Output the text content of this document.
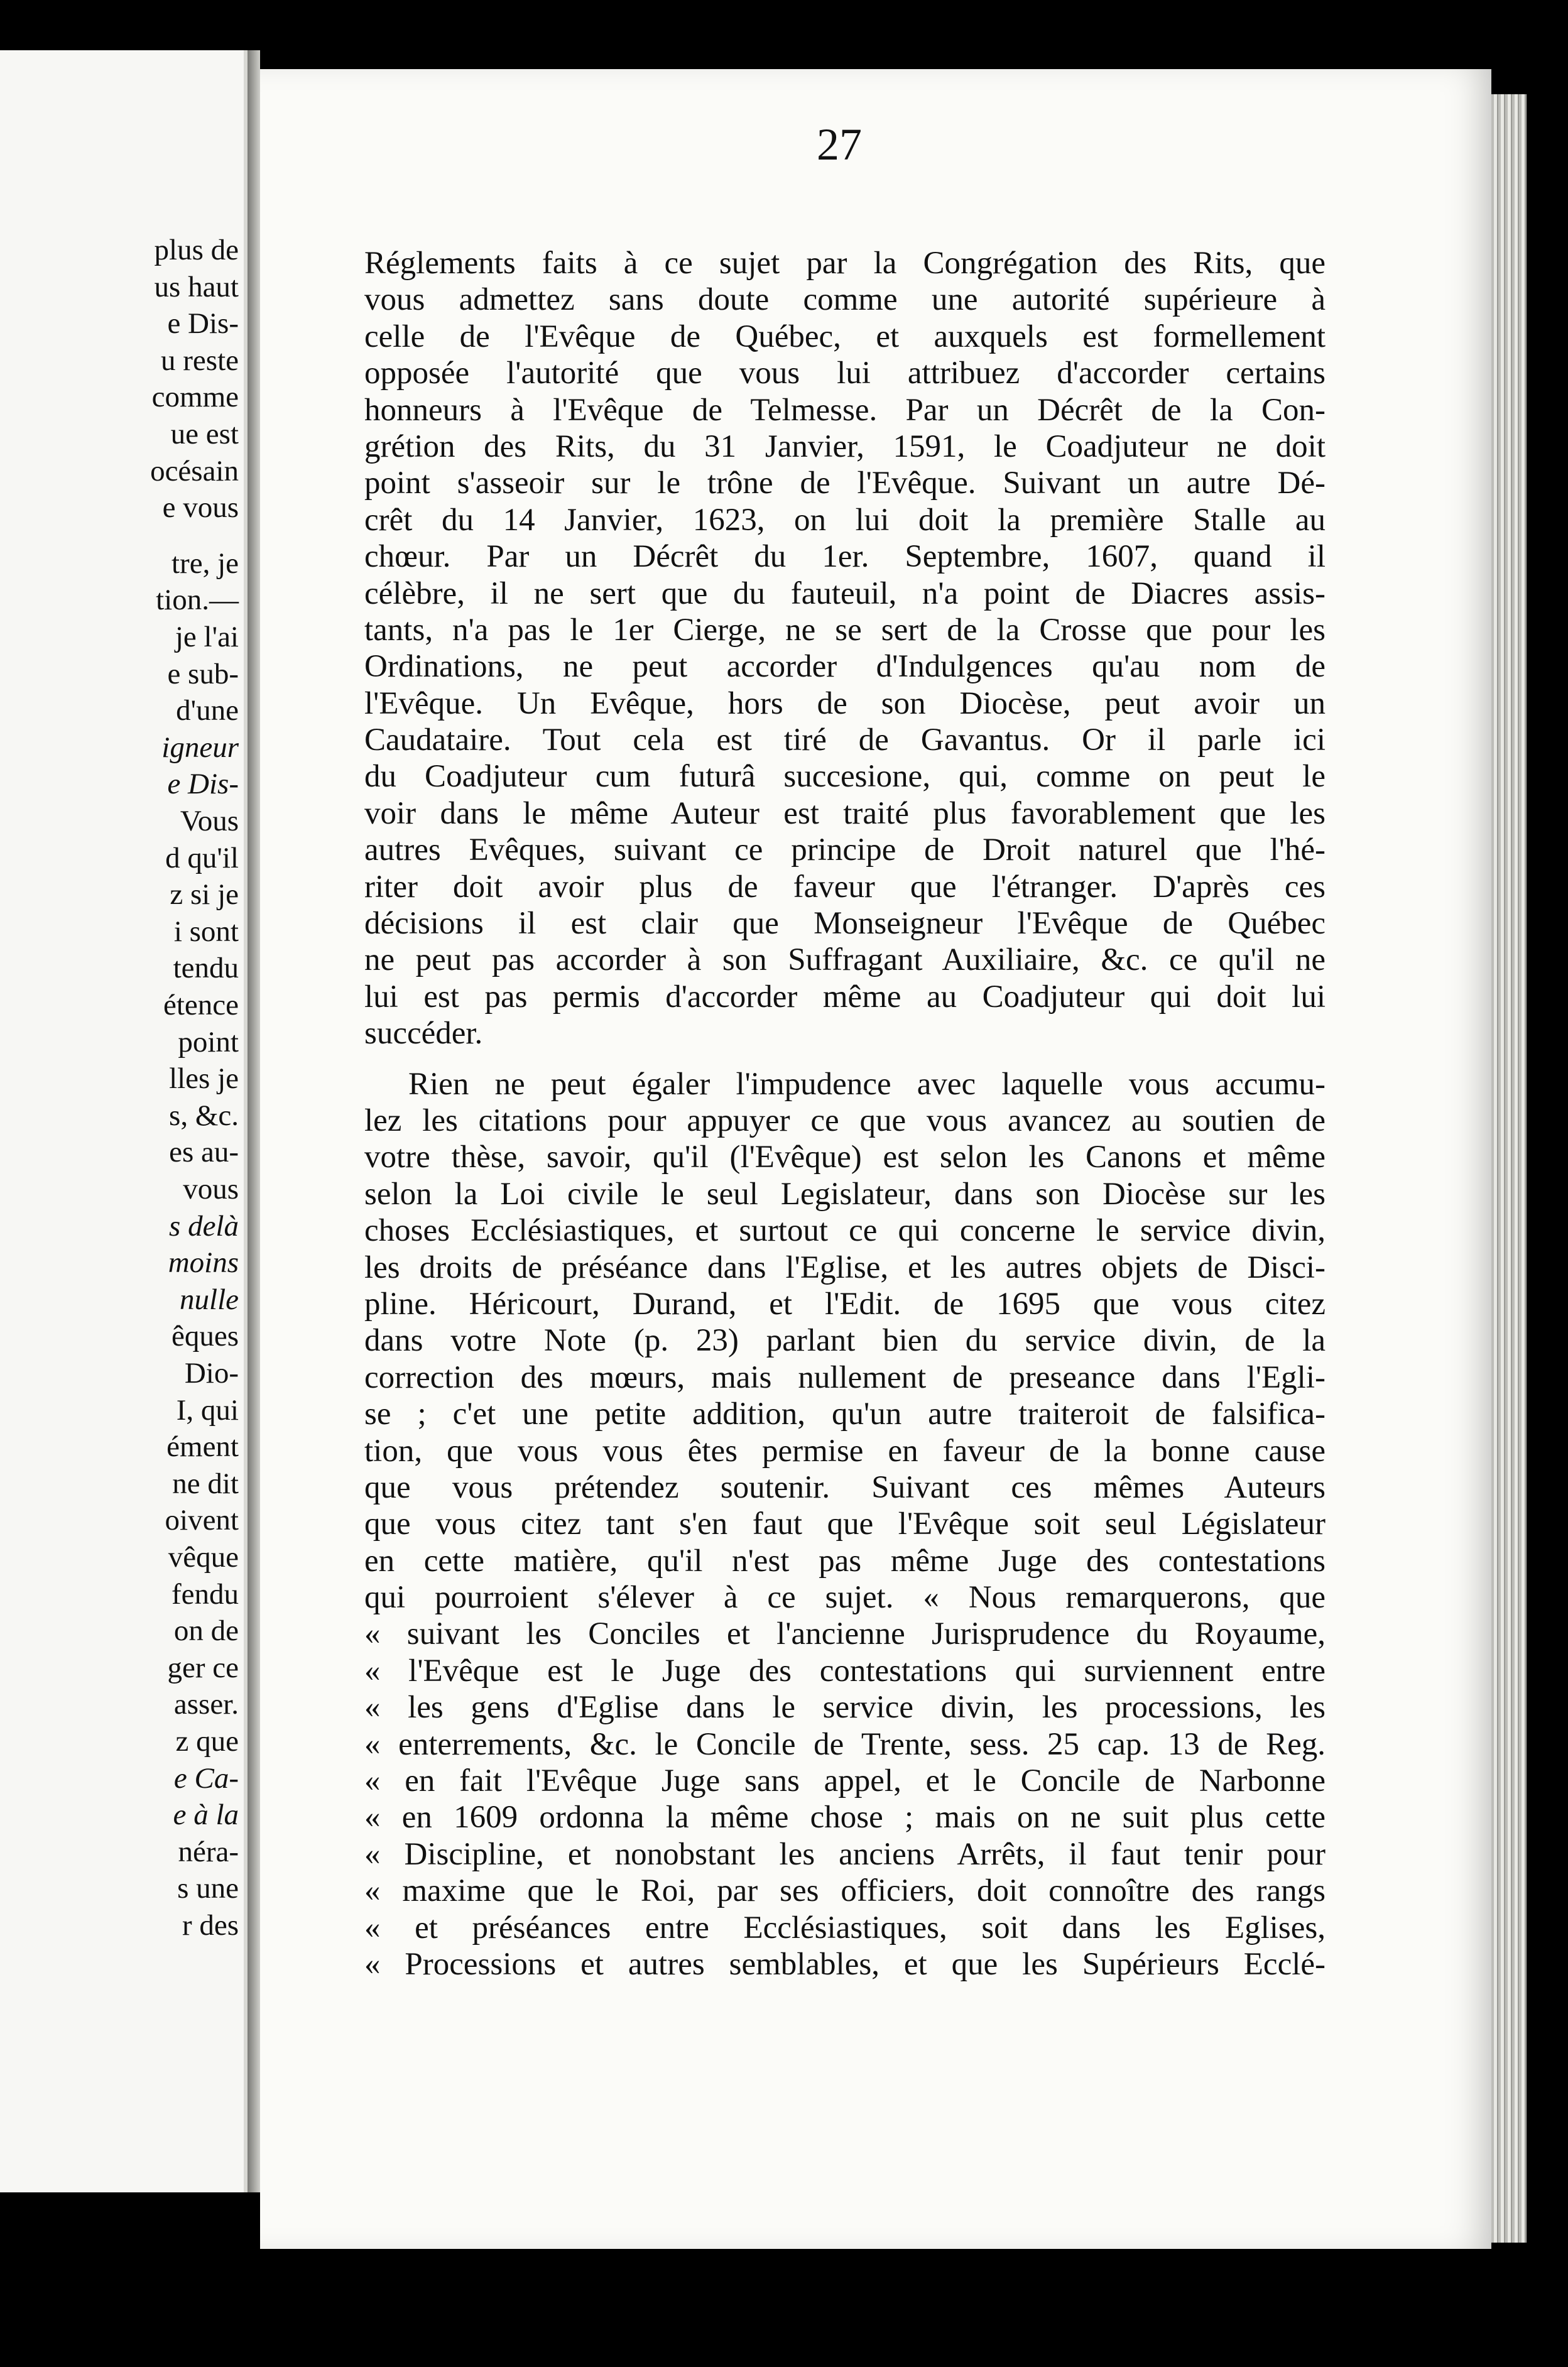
plus de
us haut
e Dis-
u reste
comme
ue est
océsain
e vous
tre, je
tion.—
je l'ai
e sub-
d'une
igneur
e Dis-
Vous
d qu'il
z si je
i sont
tendu
étence
point
lles je
s, &c.
es au-
vous
s delà
moins
nulle
êques
Dio-
I, qui
ément
ne dit
oivent
vêque
fendu
on de
ger ce
asser.
z que
e Ca-
e à la
néra-
s une
r des
27
Réglements faits à ce sujet par la Congrégation des Rits, que
vous admettez sans doute comme une autorité supérieure à
celle de l'Evêque de Québec, et auxquels est formellement
opposée l'autorité que vous lui attribuez d'accorder certains
honneurs à l'Evêque de Telmesse. Par un Décrêt de la Con-
grétion des Rits, du 31 Janvier, 1591, le Coadjuteur ne doit
point s'asseoir sur le trône de l'Evêque. Suivant un autre Dé-
crêt du 14 Janvier, 1623, on lui doit la première Stalle au
chœur. Par un Décrêt du 1er. Septembre, 1607, quand il
célèbre, il ne sert que du fauteuil, n'a point de Diacres assis-
tants, n'a pas le 1er Cierge, ne se sert de la Crosse que pour les
Ordinations, ne peut accorder d'Indulgences qu'au nom de
l'Evêque. Un Evêque, hors de son Diocèse, peut avoir un
Caudataire. Tout cela est tiré de Gavantus. Or il parle ici
du Coadjuteur cum futurâ succesione, qui, comme on peut le
voir dans le même Auteur est traité plus favorablement que les
autres Evêques, suivant ce principe de Droit naturel que l'hé-
riter doit avoir plus de faveur que l'étranger. D'après ces
décisions il est clair que Monseigneur l'Evêque de Québec
ne peut pas accorder à son Suffragant Auxiliaire, &c. ce qu'il ne
lui est pas permis d'accorder même au Coadjuteur qui doit lui
succéder.
Rien ne peut égaler l'impudence avec laquelle vous accumu-
lez les citations pour appuyer ce que vous avancez au soutien de
votre thèse, savoir, qu'il (l'Evêque) est selon les Canons et même
selon la Loi civile le seul Legislateur, dans son Diocèse sur les
choses Ecclésiastiques, et surtout ce qui concerne le service divin,
les droits de préséance dans l'Eglise, et les autres objets de Disci-
pline. Héricourt, Durand, et l'Edit. de 1695 que vous citez
dans votre Note (p. 23) parlant bien du service divin, de la
correction des mœurs, mais nullement de preseance dans l'Egli-
se ; c'et une petite addition, qu'un autre traiteroit de falsifica-
tion, que vous vous êtes permise en faveur de la bonne cause
que vous prétendez soutenir. Suivant ces mêmes Auteurs
que vous citez tant s'en faut que l'Evêque soit seul Législateur
en cette matière, qu'il n'est pas même Juge des contestations
qui pourroient s'élever à ce sujet. « Nous remarquerons, que
« suivant les Conciles et l'ancienne Jurisprudence du Royaume,
« l'Evêque est le Juge des contestations qui surviennent entre
« les gens d'Eglise dans le service divin, les processions, les
« enterrements, &c. le Concile de Trente, sess. 25 cap. 13 de Reg.
« en fait l'Evêque Juge sans appel, et le Concile de Narbonne
« en 1609 ordonna la même chose ; mais on ne suit plus cette
« Discipline, et nonobstant les anciens Arrêts, il faut tenir pour
« maxime que le Roi, par ses officiers, doit connoître des rangs
« et préséances entre Ecclésiastiques, soit dans les Eglises,
« Processions et autres semblables, et que les Supérieurs Ecclé-
